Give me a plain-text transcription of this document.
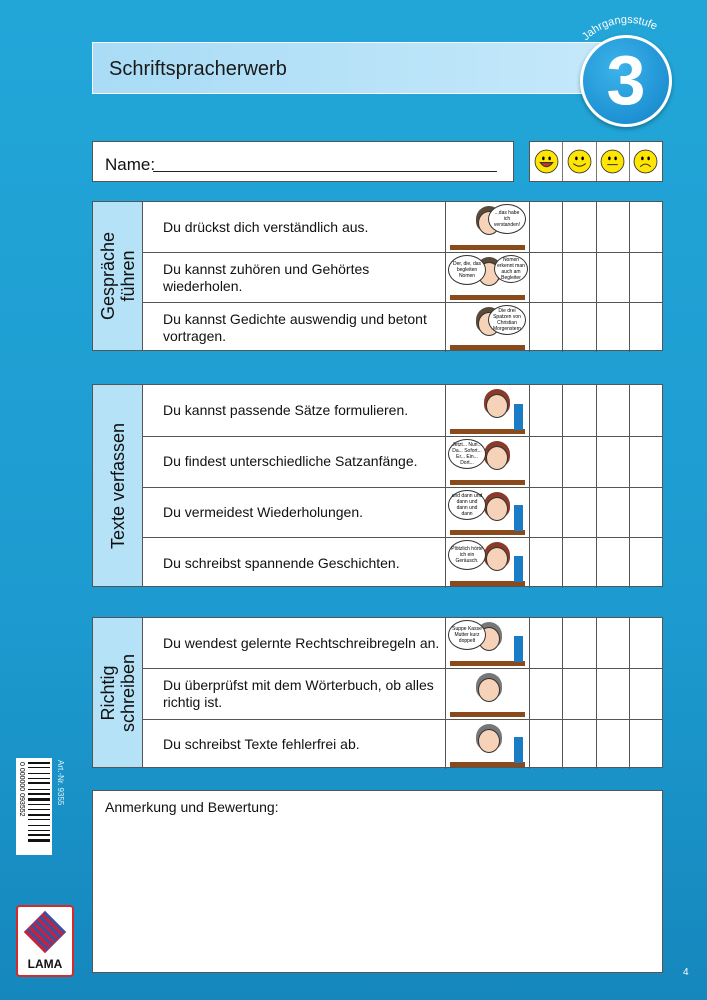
Schriftspracherwerb	3
Jahrgangsstufe
Name:
Gespräche führen
Du drückst dich verständlich aus.
...das habe ich verstanden!
Du kannst zuhören und Gehörtes wiederholen.
Der, die, das begleiten Nomen
Nomen erkennt man auch am Begleiter
Du kannst Gedichte auswendig und betont vortragen.
Die drei Spatzen von Christian Morgenstern
Texte verfassen
Du kannst passende Sätze formulieren.
Du findest unterschiedliche Satzanfänge.
Jetzt... Nun... Da... Sofort... Er... Ein... Dort...
Du vermeidest Wiederholungen.
und dann und dann und dann und dann
Du schreibst spannende Geschichten.
Plötzlich hörte ich ein Geräusch.
Richtig schreiben
Du wendest gelernte Rechtschreibregeln an.
Suppe Kasse Mutter kurz doppelt
Du überprüfst mit dem Wörterbuch, ob alles richtig ist.
Du schreibst Texte fehlerfrei ab.
Anmerkung und Bewertung:
0 000000 093552	Art.-Nr. 9355
LAMA
4
